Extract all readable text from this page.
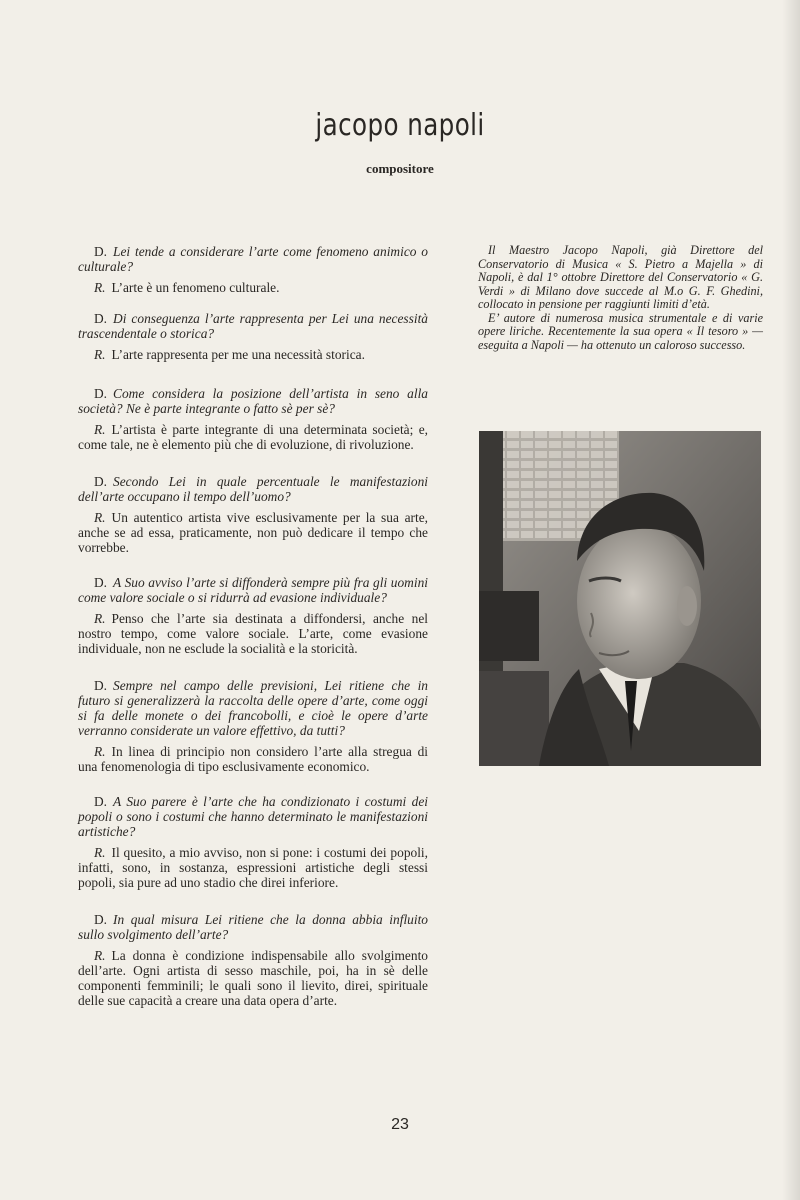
jacopo napoli
compositore

D. Lei tende a considerare l’arte come fenomeno animico o culturale?

R. L’arte è un fenomeno culturale.

D. Di conseguenza l’arte rappresenta per Lei una necessità trascendentale o storica?

R. L’arte rappresenta per me una necessità storica.

D. Come considera la posizione dell’artista in seno alla società? Ne è parte integrante o fatto sè per sè?

R. L’artista è parte integrante di una determinata società; e, come tale, ne è elemento più che di evoluzione, di rivoluzione.

D. Secondo Lei in quale percentuale le manifestazioni dell’arte occupano il tempo dell’uomo?

R. Un autentico artista vive esclusivamente per la sua arte, anche se ad essa, praticamente, non può dedicare il tempo che vorrebbe.

D. A Suo avviso l’arte si diffonderà sempre più fra gli uomini come valore sociale o si ridurrà ad evasione individuale?

R. Penso che l’arte sia destinata a diffondersi, anche nel nostro tempo, come valore sociale. L’arte, come evasione individuale, non ne esclude la socialità e la storicità.

D. Sempre nel campo delle previsioni, Lei ritiene che in futuro si generalizzerà la raccolta delle opere d’arte, come oggi si fa delle monete o dei francobolli, e cioè le opere d’arte verranno considerate un valore effettivo, da tutti?

R. In linea di principio non considero l’arte alla stregua di una fenomenologia di tipo esclusivamente economico.

D. A Suo parere è l’arte che ha condizionato i costumi dei popoli o sono i costumi che hanno determinato le manifestazioni artistiche?

R. Il quesito, a mio avviso, non si pone: i costumi dei popoli, infatti, sono, in sostanza, espressioni artistiche degli stessi popoli, sia pure ad uno stadio che direi inferiore.

D. In qual misura Lei ritiene che la donna abbia influito sullo svolgimento dell’arte?

R. La donna è condizione indispensabile allo svolgimento dell’arte. Ogni artista di sesso maschile, poi, ha in sè delle componenti femminili; le quali sono il lievito, direi, spirituale delle sue capacità a creare una data opera d’arte.

Il Maestro Jacopo Napoli, già Direttore del Conservatorio di Musica « S. Pietro a Majella » di Napoli, è dal 1° ottobre Direttore del Conservatorio « G. Verdi » di Milano dove succede al M.o G. F. Ghedini, collocato in pensione per raggiunti limiti d’età.

E’ autore di numerosa musica strumentale e di varie opere liriche. Recentemente la sua opera « Il tesoro » — eseguita a Napoli — ha ottenuto un caloroso successo.

23
